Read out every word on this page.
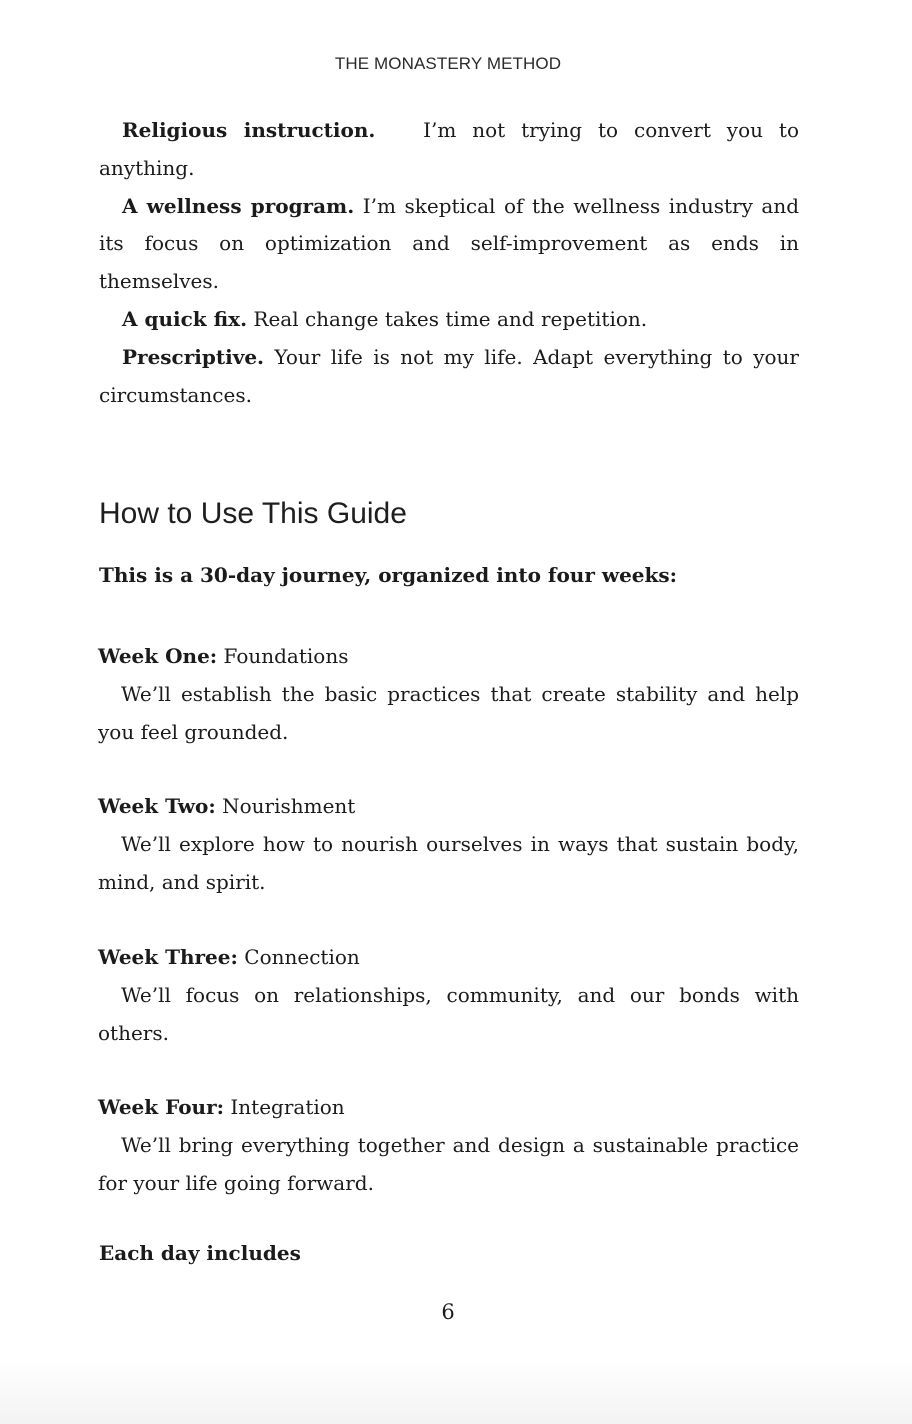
THE MONASTERY METHOD

Religious instruction. I’m not trying to convert you to anything.

A wellness program. I’m skeptical of the wellness industry and its focus on optimization and self-improvement as ends in themselves.

A quick fix. Real change takes time and repetition.

Prescriptive. Your life is not my life. Adapt everything to your circumstances.

How to Use This Guide

This is a 30-day journey, organized into four weeks:

Week One: Foundations

We’ll establish the basic practices that create stability and help you feel grounded.

Week Two: Nourishment

We’ll explore how to nourish ourselves in ways that sustain body, mind, and spirit.

Week Three: Connection

We’ll focus on relationships, community, and our bonds with others.

Week Four: Integration

We’ll bring everything together and design a sustainable practice for your life going forward.

Each day includes

6
